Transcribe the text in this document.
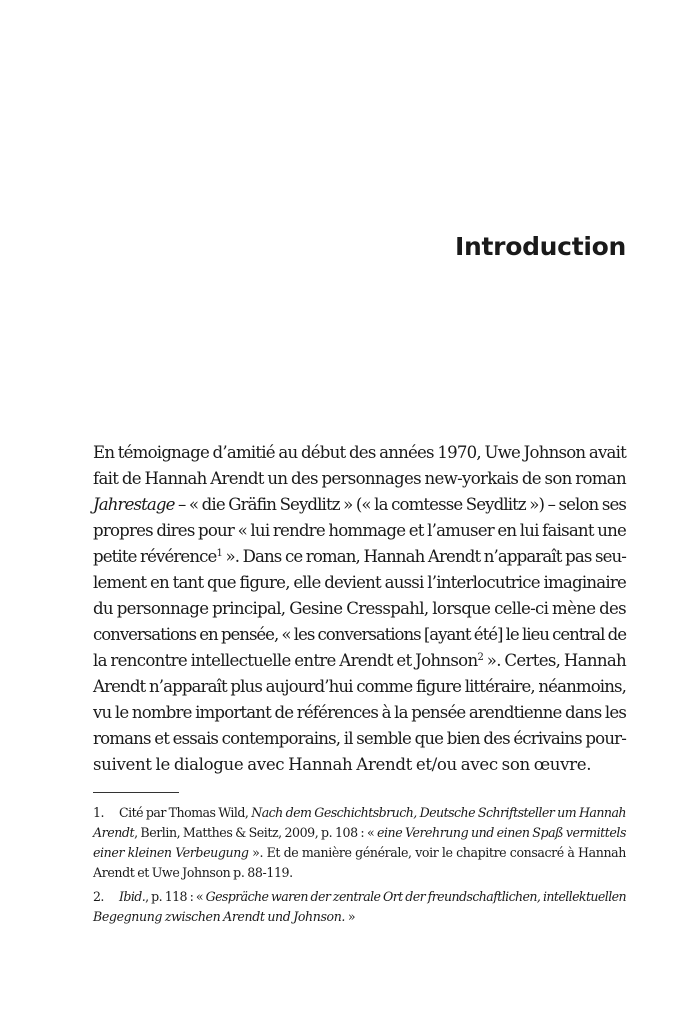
Introduction
En témoignage d’amitié au début des années 1970, Uwe Johnson avait
fait de Hannah Arendt un des personnages new-yorkais de son roman
Jahrestage – « die Gräfin Seydlitz » (« la comtesse Seydlitz ») – selon ses
propres dires pour « lui rendre hommage et l’amuser en lui faisant une
petite révérence$^1$ ». Dans ce roman, Hannah Arendt n’apparaît pas seu-
lement en tant que figure, elle devient aussi l’interlocutrice imaginaire
du personnage principal, Gesine Cresspahl, lorsque celle-ci mène des
conversations en pensée, « les conversations [ayant été] le lieu central de
la rencontre intellectuelle entre Arendt et Johnson$^2$ ». Certes, Hannah
Arendt n’apparaît plus aujourd’hui comme figure littéraire, néanmoins,
vu le nombre important de références à la pensée arendtienne dans les
romans et essais contemporains, il semble que bien des écrivains pour-
suivent le dialogue avec Hannah Arendt et/ou avec son œuvre.
1. Cité par Thomas Wild, Nach dem Geschichtsbruch, Deutsche Schriftsteller um Hannah
Arendt, Berlin, Matthes & Seitz, 2009, p. 108 : « eine Verehrung und einen Spaß vermittels
einer kleinen Verbeugung ». Et de manière générale, voir le chapitre consacré à Hannah
Arendt et Uwe Johnson p. 88-119.
2. Ibid., p. 118 : « Gespräche waren der zentrale Ort der freundschaftlichen, intellektuellen
Begegnung zwischen Arendt und Johnson. »
